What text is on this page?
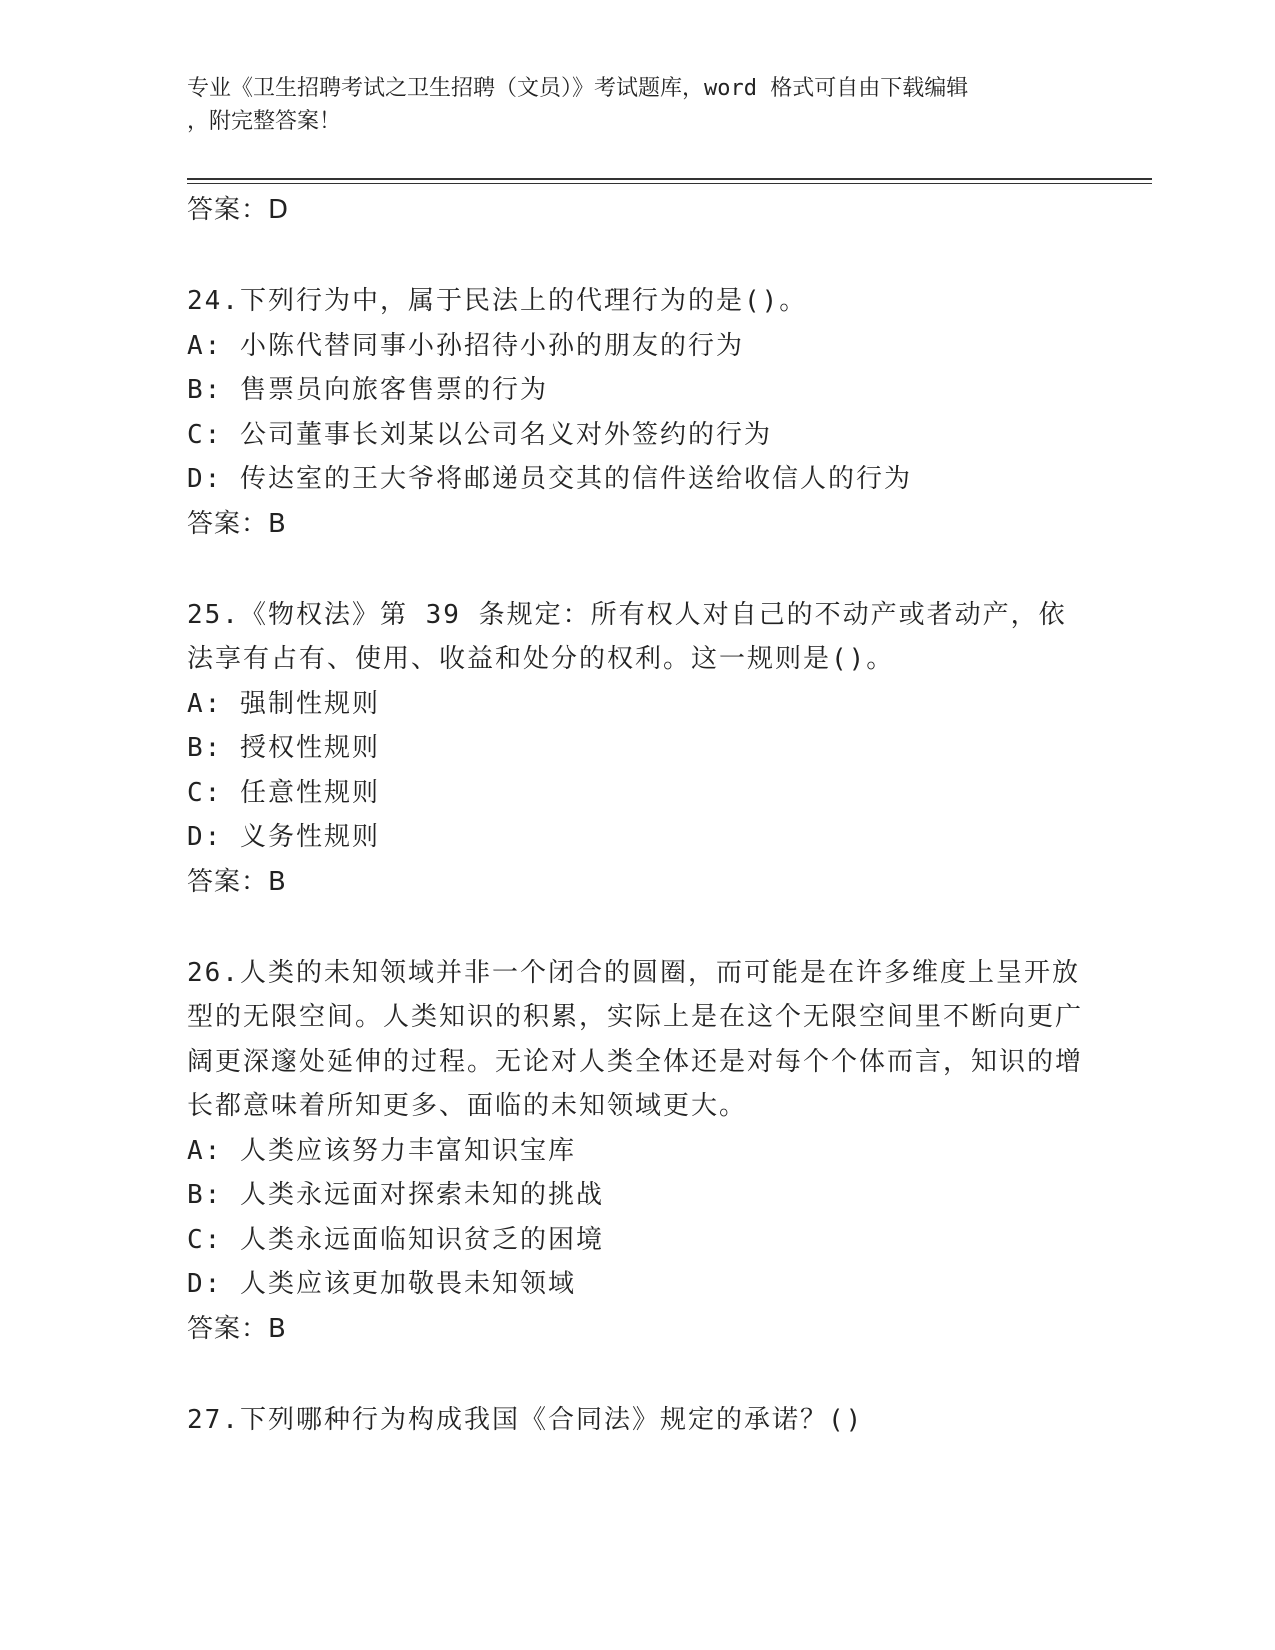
专业《卫生招聘考试之卫生招聘（文员）》考试题库，word 格式可自由下载编辑
，附完整答案！
答案：D
24.下列行为中，属于民法上的代理行为的是()。
A: 小陈代替同事小孙招待小孙的朋友的行为
B: 售票员向旅客售票的行为
C: 公司董事长刘某以公司名义对外签约的行为
D: 传达室的王大爷将邮递员交其的信件送给收信人的行为
答案：B
25.《物权法》第 39 条规定：所有权人对自己的不动产或者动产，依法享有占有、使用、收益和处分的权利。这一规则是()。
A: 强制性规则
B: 授权性规则
C: 任意性规则
D: 义务性规则
答案：B
26.人类的未知领域并非一个闭合的圆圈，而可能是在许多维度上呈开放型的无限空间。人类知识的积累，实际上是在这个无限空间里不断向更广阔更深邃处延伸的过程。无论对人类全体还是对每个个体而言，知识的增长都意味着所知更多、面临的未知领域更大。
A: 人类应该努力丰富知识宝库
B: 人类永远面对探索未知的挑战
C: 人类永远面临知识贫乏的困境
D: 人类应该更加敬畏未知领域
答案：B
27.下列哪种行为构成我国《合同法》规定的承诺？()
